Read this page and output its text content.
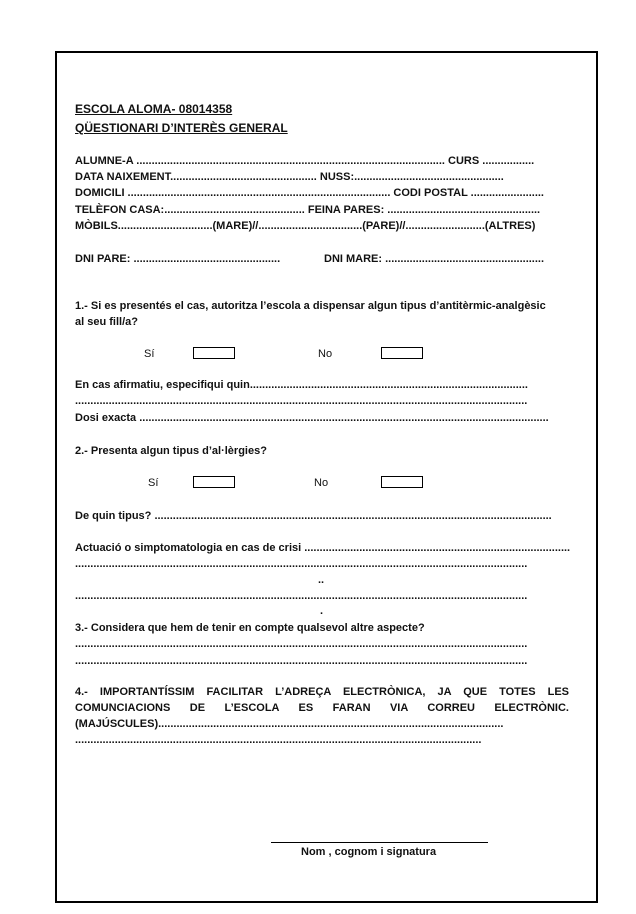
ESCOLA ALOMA- 08014358
QÜESTIONARI D’INTERÈS GENERAL
ALUMNE-A ..................................................................................................... CURS .................
DATA NAIXEMENT................................................ NUSS:.................................................
DOMICILI ...................................................................................... CODI POSTAL ........................
TELÈFON CASA:.............................................. FEINA PARES: ..................................................
MÒBILS...............................(MARE)//..................................(PARE)//..........................(ALTRES)
DNI PARE: ................................................	DNI MARE: ....................................................
1.- Si es presentés el cas, autoritza l’escola a dispensar algun tipus d’antitèrmic-analgèsic
al seu fill/a?
Sí	No
En cas afirmatiu, especifiqui quin...........................................................................................
....................................................................................................................................................
Dosi exacta ......................................................................................................................................
2.- Presenta algun tipus d’al·lèrgies?
Sí	No
De quin tipus? ..................................................................................................................................
Actuació o simptomatologia en cas de crisi .......................................................................................
....................................................................................................................................................
..
....................................................................................................................................................
.
3.- Considera que hem de tenir en compte qualsevol altre aspecte?
....................................................................................................................................................
....................................................................................................................................................
4.- IMPORTANTÍSSIM FACILITAR L’ADREÇA ELECTRÒNICA, JA QUE TOTES LES
COMUNCIACIONS DE L’ESCOLA ES FARAN VIA CORREU ELECTRÒNIC.
(MAJÚSCULES).................................................................................................................
.....................................................................................................................................
Nom , cognom i signatura
